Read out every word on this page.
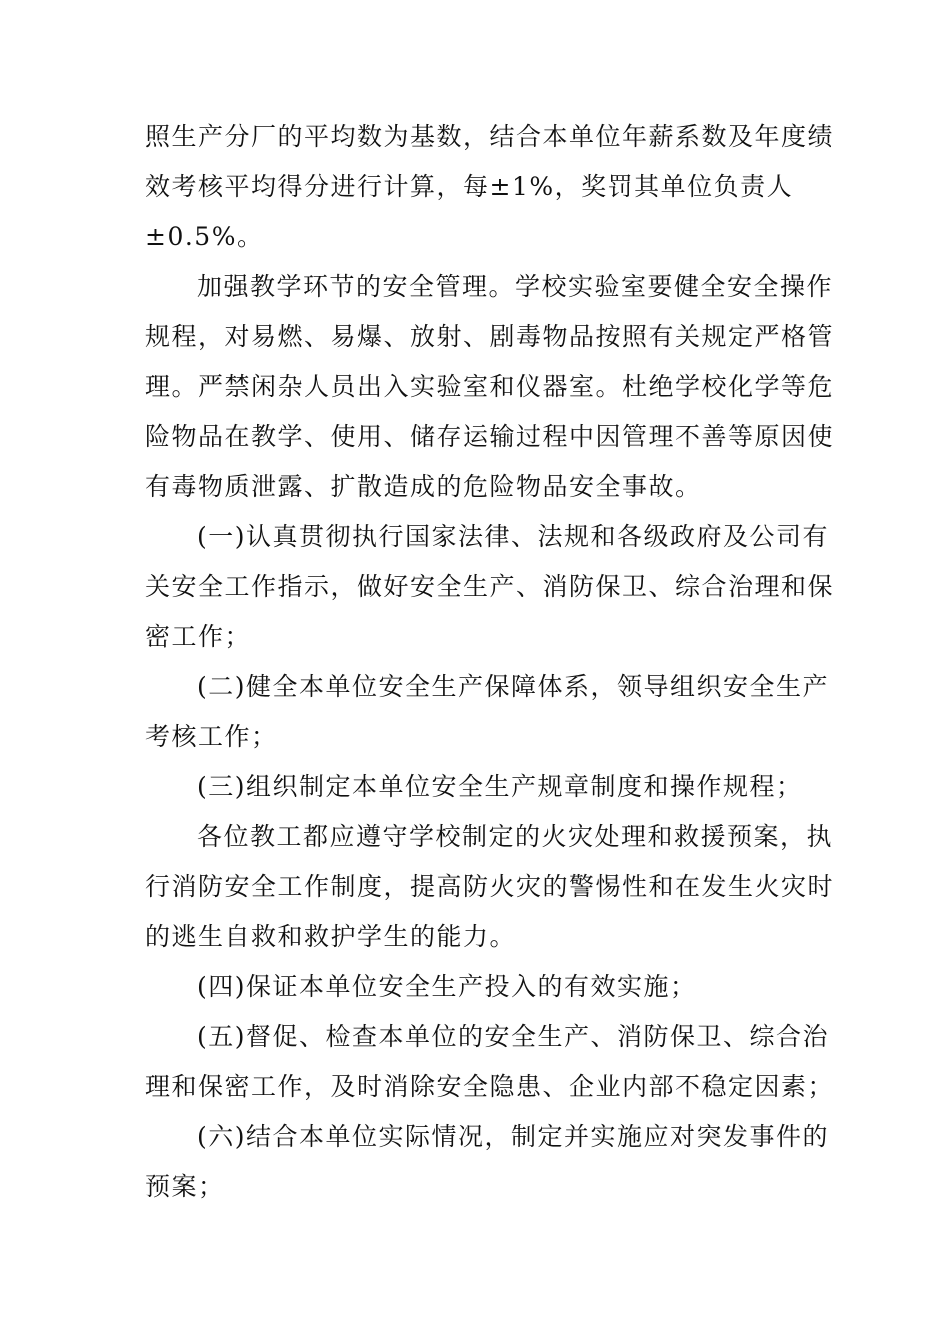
照生产分厂的平均数为基数，结合本单位年薪系数及年度绩
效考核平均得分进行计算，每±1%，奖罚其单位负责人
±0.5%。
加强教学环节的安全管理。学校实验室要健全安全操作
规程，对易燃、易爆、放射、剧毒物品按照有关规定严格管
理。严禁闲杂人员出入实验室和仪器室。杜绝学校化学等危
险物品在教学、使用、储存运输过程中因管理不善等原因使
有毒物质泄露、扩散造成的危险物品安全事故。
(一)认真贯彻执行国家法律、法规和各级政府及公司有
关安全工作指示，做好安全生产、消防保卫、综合治理和保
密工作；
(二)健全本单位安全生产保障体系，领导组织安全生产
考核工作；
(三)组织制定本单位安全生产规章制度和操作规程；
各位教工都应遵守学校制定的火灾处理和救援预案，执
行消防安全工作制度，提高防火灾的警惕性和在发生火灾时
的逃生自救和救护学生的能力。
(四)保证本单位安全生产投入的有效实施；
(五)督促、检查本单位的安全生产、消防保卫、综合治
理和保密工作，及时消除安全隐患、企业内部不稳定因素；
(六)结合本单位实际情况，制定并实施应对突发事件的
预案；
